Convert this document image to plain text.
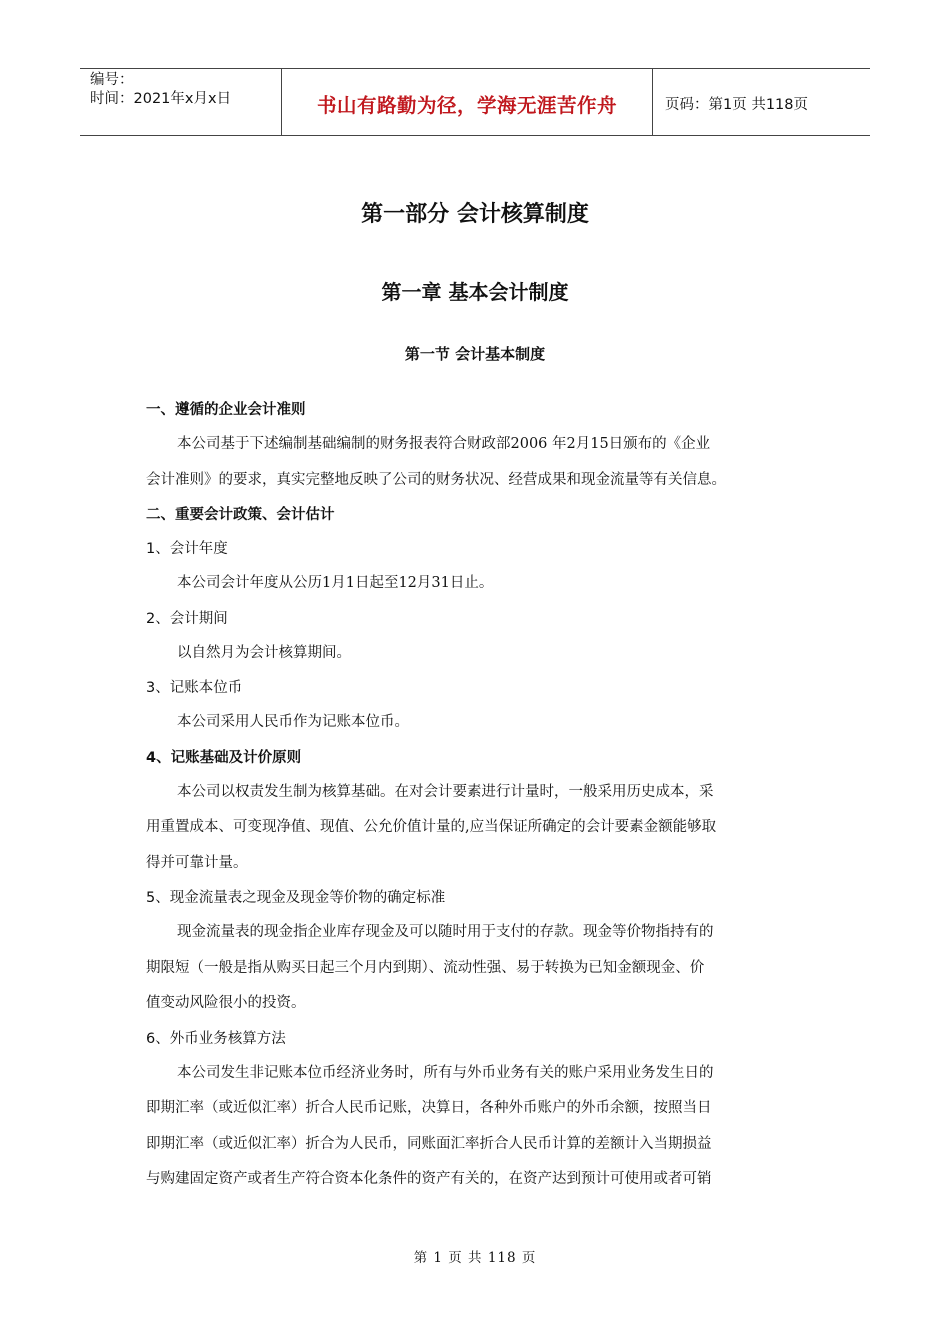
编号：
时间：2021年x月x日	书山有路勤为径，学海无涯苦作舟	页码：第1页 共118页
第一部分 会计核算制度
第一章 基本会计制度
第一节 会计基本制度
一、遵循的企业会计准则
本公司基于下述编制基础编制的财务报表符合财政部2006 年2月15日颁布的《企业
会计准则》的要求，真实完整地反映了公司的财务状况、经营成果和现金流量等有关信息。
二、重要会计政策、会计估计
1、会计年度
本公司会计年度从公历1月1日起至12月31日止。
2、会计期间
以自然月为会计核算期间。
3、记账本位币
本公司采用人民币作为记账本位币。
4、记账基础及计价原则
本公司以权责发生制为核算基础。在对会计要素进行计量时，一般采用历史成本，采
用重置成本、可变现净值、现值、公允价值计量的,应当保证所确定的会计要素金额能够取
得并可靠计量。
5、现金流量表之现金及现金等价物的确定标准
现金流量表的现金指企业库存现金及可以随时用于支付的存款。现金等价物指持有的
期限短（一般是指从购买日起三个月内到期）、流动性强、易于转换为已知金额现金、价
值变动风险很小的投资。
6、外币业务核算方法
本公司发生非记账本位币经济业务时，所有与外币业务有关的账户采用业务发生日的
即期汇率（或近似汇率）折合人民币记账，决算日，各种外币账户的外币余额，按照当日
即期汇率（或近似汇率）折合为人民币，同账面汇率折合人民币计算的差额计入当期损益
与购建固定资产或者生产符合资本化条件的资产有关的，在资产达到预计可使用或者可销
第 1 页 共 118 页
